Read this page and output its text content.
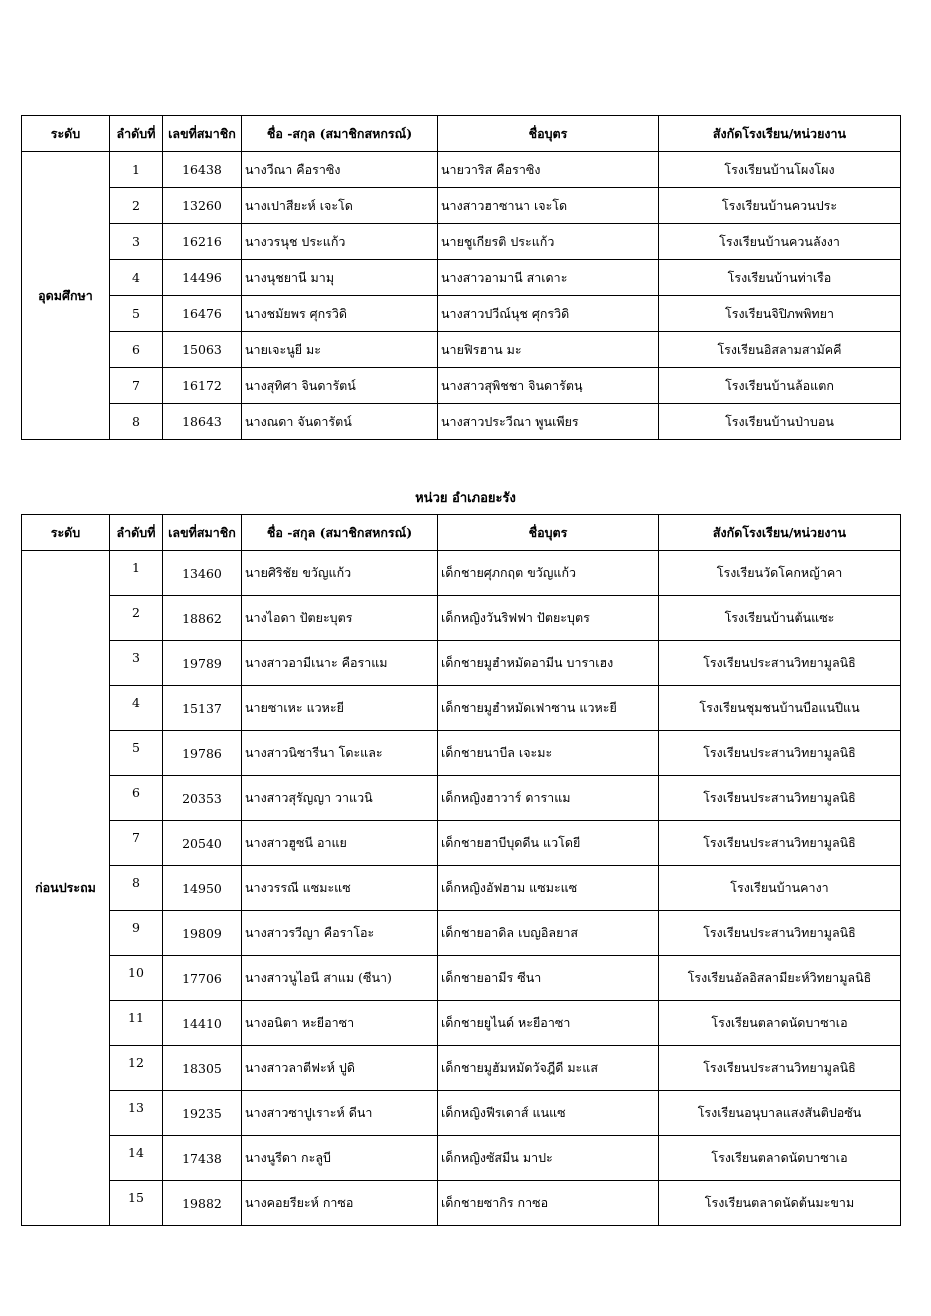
ระดับ	ลำดับที่	เลขที่สมาชิก	ชื่อ -สกุล (สมาชิกสหกรณ์)	ชื่อบุตร	สังกัดโรงเรียน/หน่วยงาน
อุดมศึกษา	1	16438	นางวีณา คือราซิง	นายวาริส คือราซิง	โรงเรียนบ้านโผงโผง
	2	13260	นางเปาสียะห์ เจะโด	นางสาวฮาซานา เจะโด	โรงเรียนบ้านควนประ
	3	16216	นางวรนุช ประแก้ว	นายชูเกียรติ ประแก้ว	โรงเรียนบ้านควนลังงา
	4	14496	นางนุชยานี มามุ	นางสาวอามานี สาเดาะ	โรงเรียนบ้านท่าเรือ
	5	16476	นางชมัยพร ศุกรวิดิ	นางสาวปวีณ์นุช ศุกรวิดิ	โรงเรียนจิปิภพพิทยา
	6	15063	นายเจะนูยี มะ	นายฟิรฮาน มะ	โรงเรียนอิสลามสามัคคี
	7	16172	นางสุทิศา จินดารัตน์	นางสาวสุพิชชา จินดารัตนฺ	โรงเรียนบ้านล้อแตก
	8	18643	นางณดา จันดารัตน์	นางสาวประวีณา พูนเพียร	โรงเรียนบ้านป่าบอน
หน่วย อำเภอยะรัง
ระดับ	ลำดับที่	เลขที่สมาชิก	ชื่อ -สกุล (สมาชิกสหกรณ์)	ชื่อบุตร	สังกัดโรงเรียน/หน่วยงาน
ก่อนประถม	1	13460	นายศิริชัย ขวัญแก้ว	เด็กชายศุภกฤต ขวัญแก้ว	โรงเรียนวัดโคกหญ้าคา
	2	18862	นางไอดา ปัตยะบุตร	เด็กหญิงวันริฟฟา ปัตยะบุตร	โรงเรียนบ้านต้นแซะ
	3	19789	นางสาวอามีเนาะ คือราแม	เด็กชายมูฮำหมัดอามีน บาราเฮง	โรงเรียนประสานวิทยามูลนิธิ
	4	15137	นายซาเหะ แวหะยี	เด็กชายมูฮำหมัดเฟาซาน แวหะยี	โรงเรียนชุมชนบ้านบือแนปีแน
	5	19786	นางสาวนิซารีนา โดะและ	เด็กชายนาบีล เจะมะ	โรงเรียนประสานวิทยามูลนิธิ
	6	20353	นางสาวสุรัญญา วาแวนิ	เด็กหญิงฮาวาร์ ดาราแม	โรงเรียนประสานวิทยามูลนิธิ
	7	20540	นางสาวฮูซนี อาแย	เด็กชายฮาบีบุดดีน แวโดยี	โรงเรียนประสานวิทยามูลนิธิ
	8	14950	นางวรรณี แซมะแซ	เด็กหญิงอัฟฮาม แซมะแซ	โรงเรียนบ้านคางา
	9	19809	นางสาวรวีญา คือราโอะ	เด็กชายอาดิล เบญอิลยาส	โรงเรียนประสานวิทยามูลนิธิ
	10	17706	นางสาวนูไอนี สาแม (ซีนา)	เด็กชายอามีร ซีนา	โรงเรียนอัลอิสลามียะห์วิทยามูลนิธิ
	11	14410	นางอนิตา หะยีอาซา	เด็กชายยูไนด์ หะยีอาซา	โรงเรียนตลาดนัดบาซาเอ
	12	18305	นางสาวลาตีฟะห์ ปูดิ	เด็กชายมูฮัมหมัดวัจฎีดี มะแส	โรงเรียนประสานวิทยามูลนิธิ
	13	19235	นางสาวซาปูเราะห์ ดีนา	เด็กหญิงฟีรเดาส์ แนแซ	โรงเรียนอนุบาลแสงสันติปอซัน
	14	17438	นางนูรีดา กะลูบี	เด็กหญิงซัสมีน มาปะ	โรงเรียนตลาดนัดบาซาเอ
	15	19882	นางคอยรียะห์ กาซอ	เด็กชายซากิร กาซอ	โรงเรียนตลาดนัดต้นมะขาม
